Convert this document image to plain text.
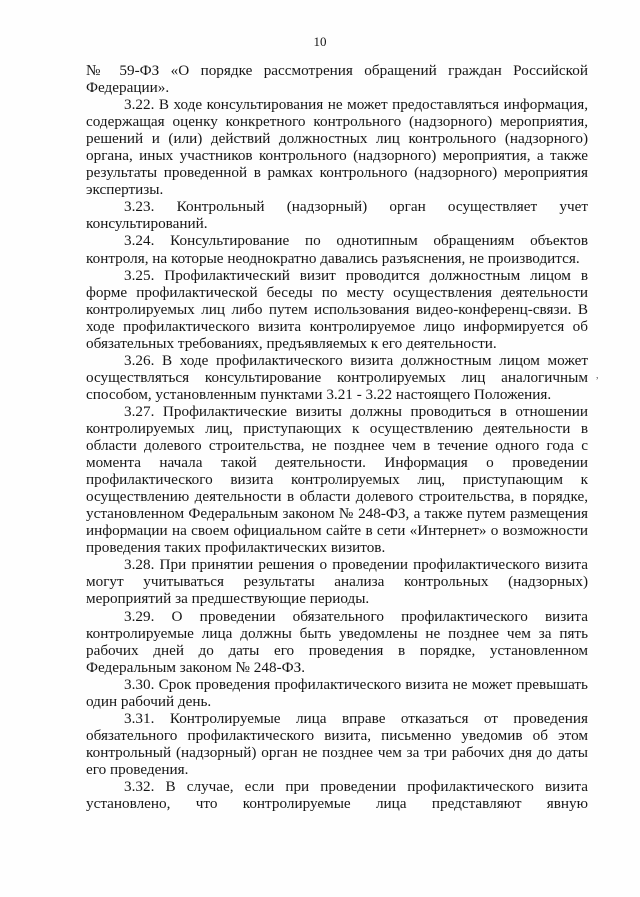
10

№ 59-ФЗ «О порядке рассмотрения обращений граждан Российской Федерации».

3.22. В ходе консультирования не может предоставляться информация, содержащая оценку конкретного контрольного (надзорного) мероприятия, решений и (или) действий должностных лиц контрольного (надзорного) органа, иных участников контрольного (надзорного) мероприятия, а также результаты проведенной в рамках контрольного (надзорного) мероприятия экспертизы.

3.23. Контрольный (надзорный) орган осуществляет учет консультирований.

3.24. Консультирование по однотипным обращениям объектов контроля, на которые неоднократно давались разъяснения, не производится.

3.25. Профилактический визит проводится должностным лицом в форме профилактической беседы по месту осуществления деятельности контролируемых лиц либо путем использования видео-конференц-связи. В ходе профилактического визита контролируемое лицо информируется об обязательных требованиях, предъявляемых к его деятельности.

3.26. В ходе профилактического визита должностным лицом может осуществляться консультирование контролируемых лиц аналогичным способом, установленным пунктами 3.21 - 3.22 настоящего Положения.

3.27. Профилактические визиты должны проводиться в отношении контролируемых лиц, приступающих к осуществлению деятельности в области долевого строительства, не позднее чем в течение одного года с момента начала такой деятельности. Информация о проведении профилактического визита контролируемых лиц, приступающим к осуществлению деятельности в области долевого строительства, в порядке, установленном Федеральным законом № 248-ФЗ, а также путем размещения информации на своем официальном сайте в сети «Интернет» о возможности проведения таких профилактических визитов.

3.28. При принятии решения о проведении профилактического визита могут учитываться результаты анализа контрольных (надзорных) мероприятий за предшествующие периоды.

3.29. О проведении обязательного профилактического визита контролируемые лица должны быть уведомлены не позднее чем за пять рабочих дней до даты его проведения в порядке, установленном Федеральным законом № 248-ФЗ.

3.30. Срок проведения профилактического визита не может превышать один рабочий день.

3.31. Контролируемые лица вправе отказаться от проведения обязательного профилактического визита, письменно уведомив об этом контрольный (надзорный) орган не позднее чем за три рабочих дня до даты его проведения.

3.32. В случае, если при проведении профилактического визита установлено, что контролируемые лица представляют явную

,
